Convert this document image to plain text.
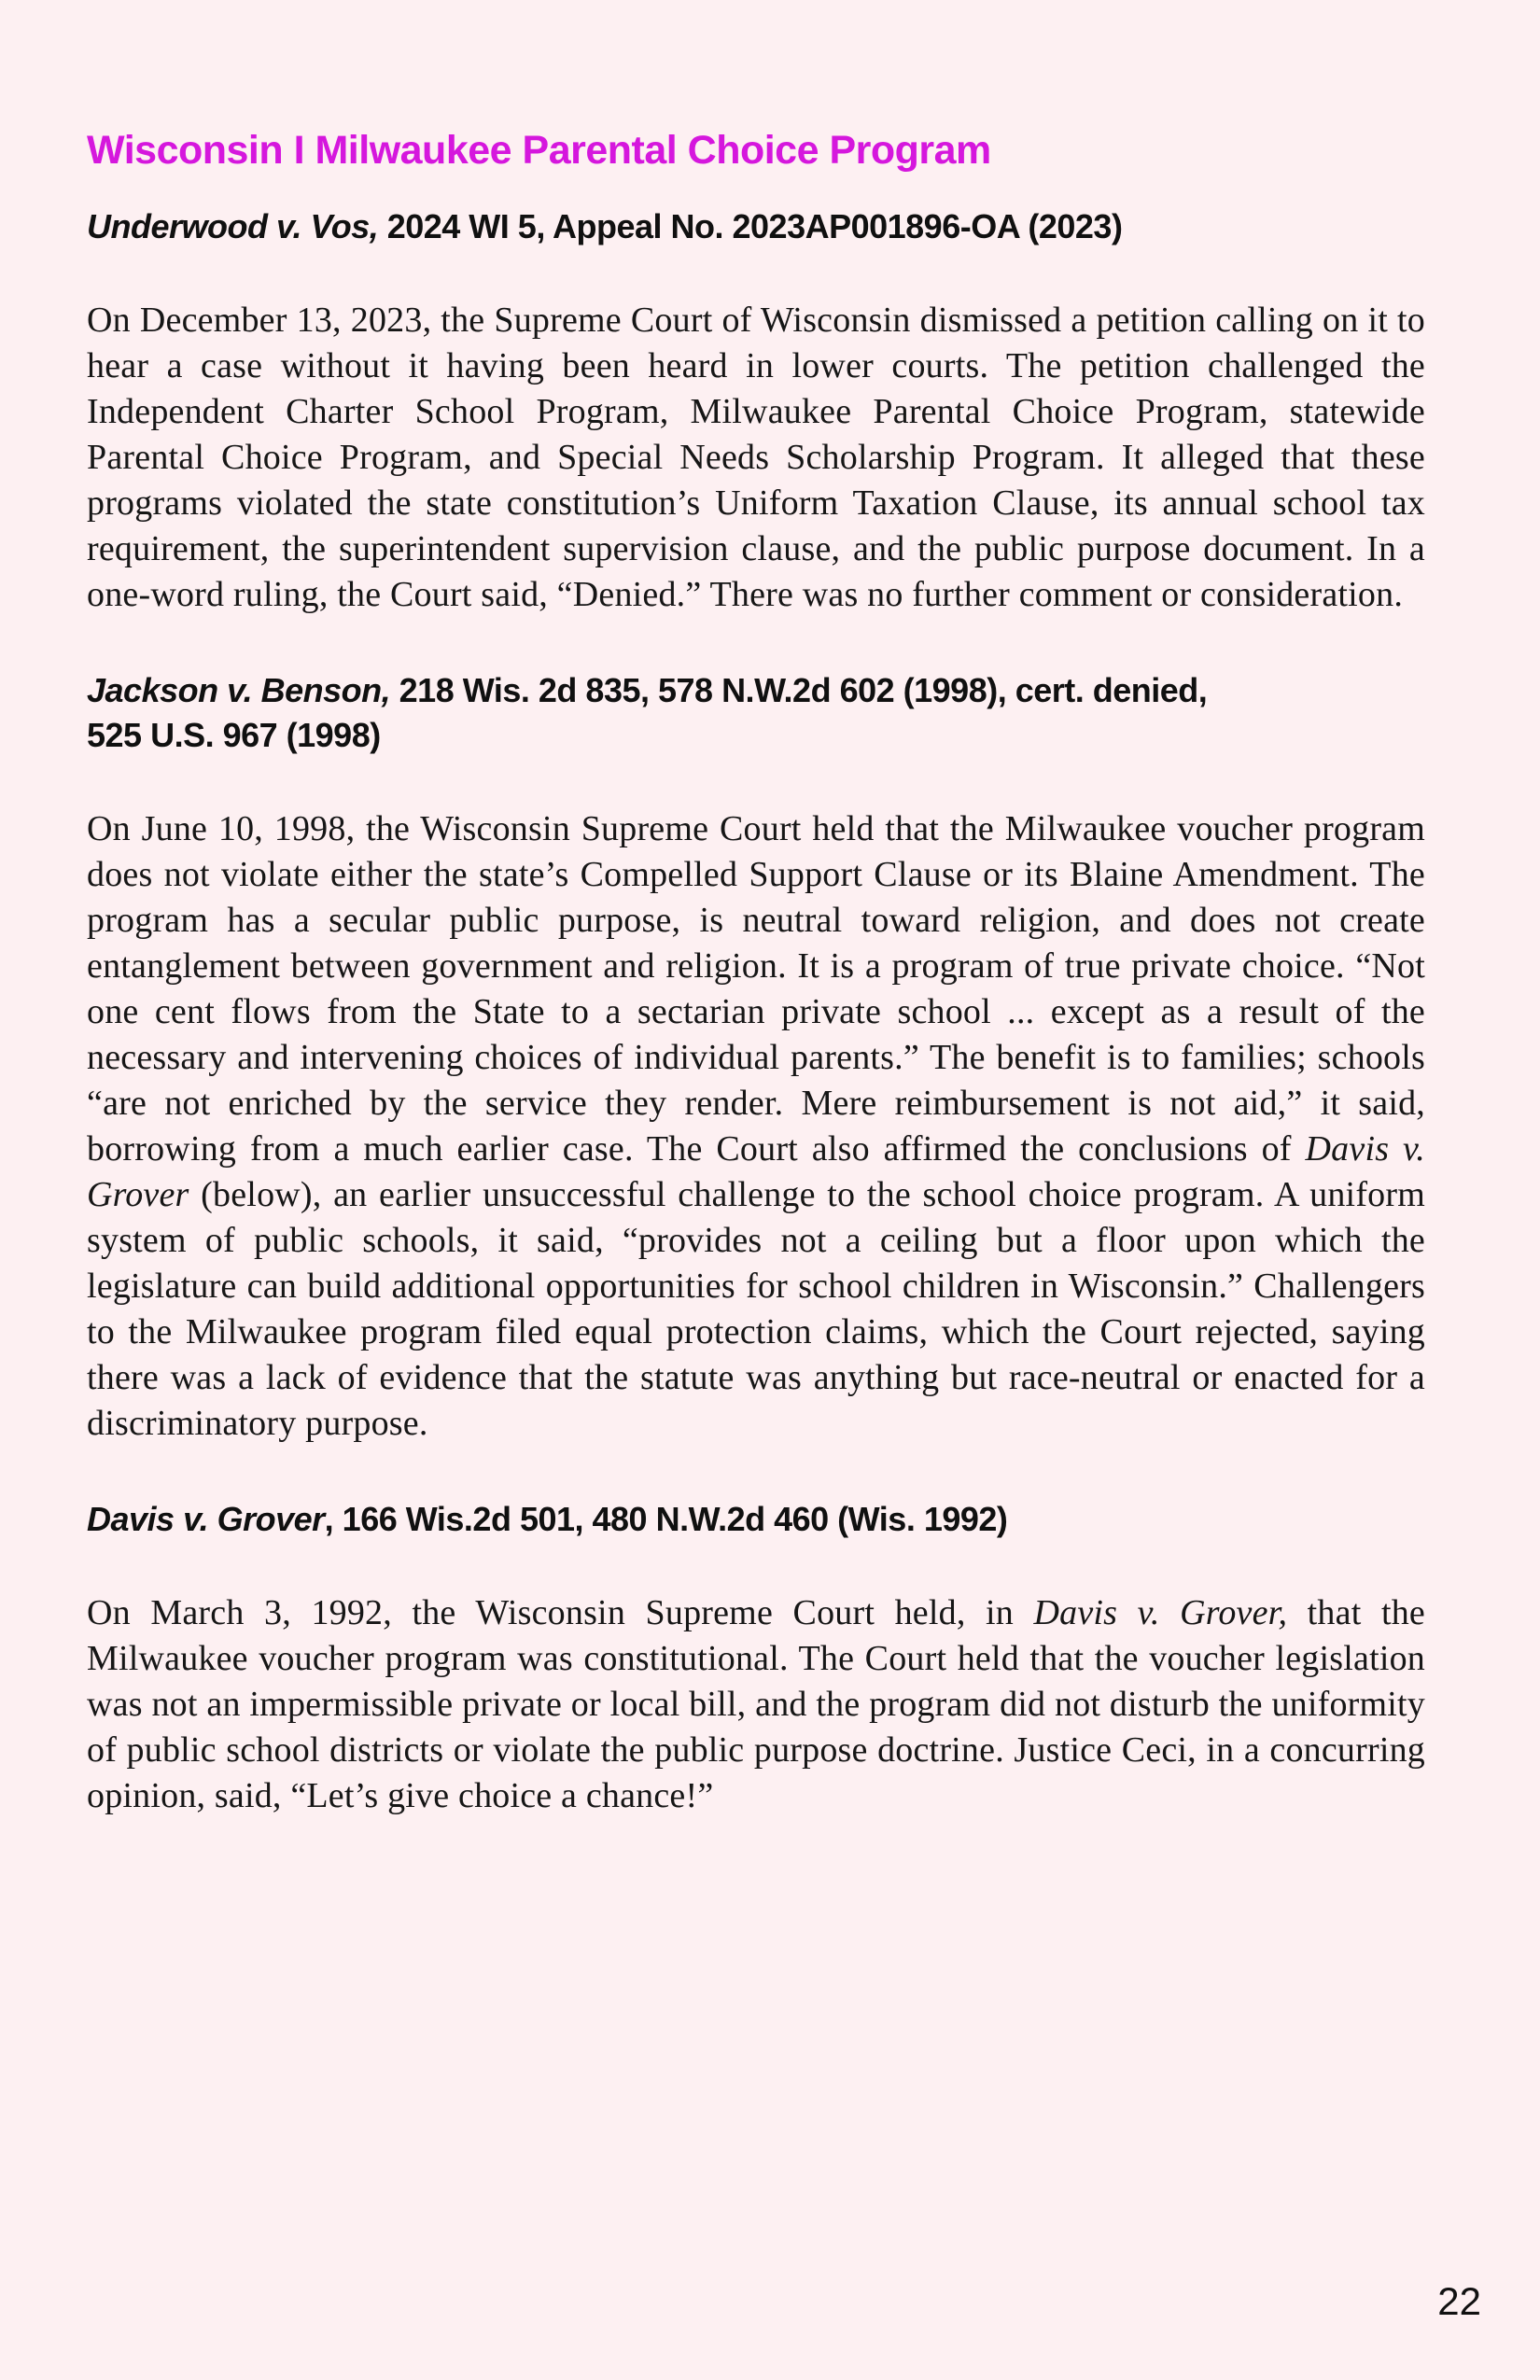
Wisconsin I Milwaukee Parental Choice Program
Underwood v. Vos, 2024 WI 5, Appeal No. 2023AP001896-OA (2023)

On December 13, 2023, the Supreme Court of Wisconsin dismissed a petition calling on it to hear a case without it having been heard in lower courts. The petition challenged the Independent Charter School Program, Milwaukee Parental Choice Program, statewide Parental Choice Program, and Special Needs Scholarship Program. It alleged that these programs violated the state constitution’s Uniform Taxation Clause, its annual school tax requirement, the superintendent supervision clause, and the public purpose document. In a one-word ruling, the Court said, “Denied.” There was no further comment or consideration.

Jackson v. Benson, 218 Wis. 2d 835, 578 N.W.2d 602 (1998), cert. denied,
525 U.S. 967 (1998)

On June 10, 1998, the Wisconsin Supreme Court held that the Milwaukee voucher program does not violate either the state’s Compelled Support Clause or its Blaine Amendment. The program has a secular public purpose, is neutral toward religion, and does not create entanglement between government and religion. It is a program of true private choice. “Not one cent flows from the State to a sectarian private school ... except as a result of the necessary and intervening choices of individual parents.” The benefit is to families; schools “are not enriched by the service they render. Mere reimbursement is not aid,” it said, borrowing from a much earlier case. The Court also affirmed the conclusions of Davis v. Grover (below), an earlier unsuccessful challenge to the school choice program. A uniform system of public schools, it said, “provides not a ceiling but a floor upon which the legislature can build additional opportunities for school children in Wisconsin.” Challengers to the Milwaukee program filed equal protection claims, which the Court rejected, saying there was a lack of evidence that the statute was anything but race-neutral or enacted for a discriminatory purpose.

Davis v. Grover, 166 Wis.2d 501, 480 N.W.2d 460 (Wis. 1992)

On March 3, 1992, the Wisconsin Supreme Court held, in Davis v. Grover, that the Milwaukee voucher program was constitutional. The Court held that the voucher legislation was not an impermissible private or local bill, and the program did not disturb the uniformity of public school districts or violate the public purpose doctrine. Justice Ceci, in a concurring opinion, said, “Let’s give choice a chance!”

22
